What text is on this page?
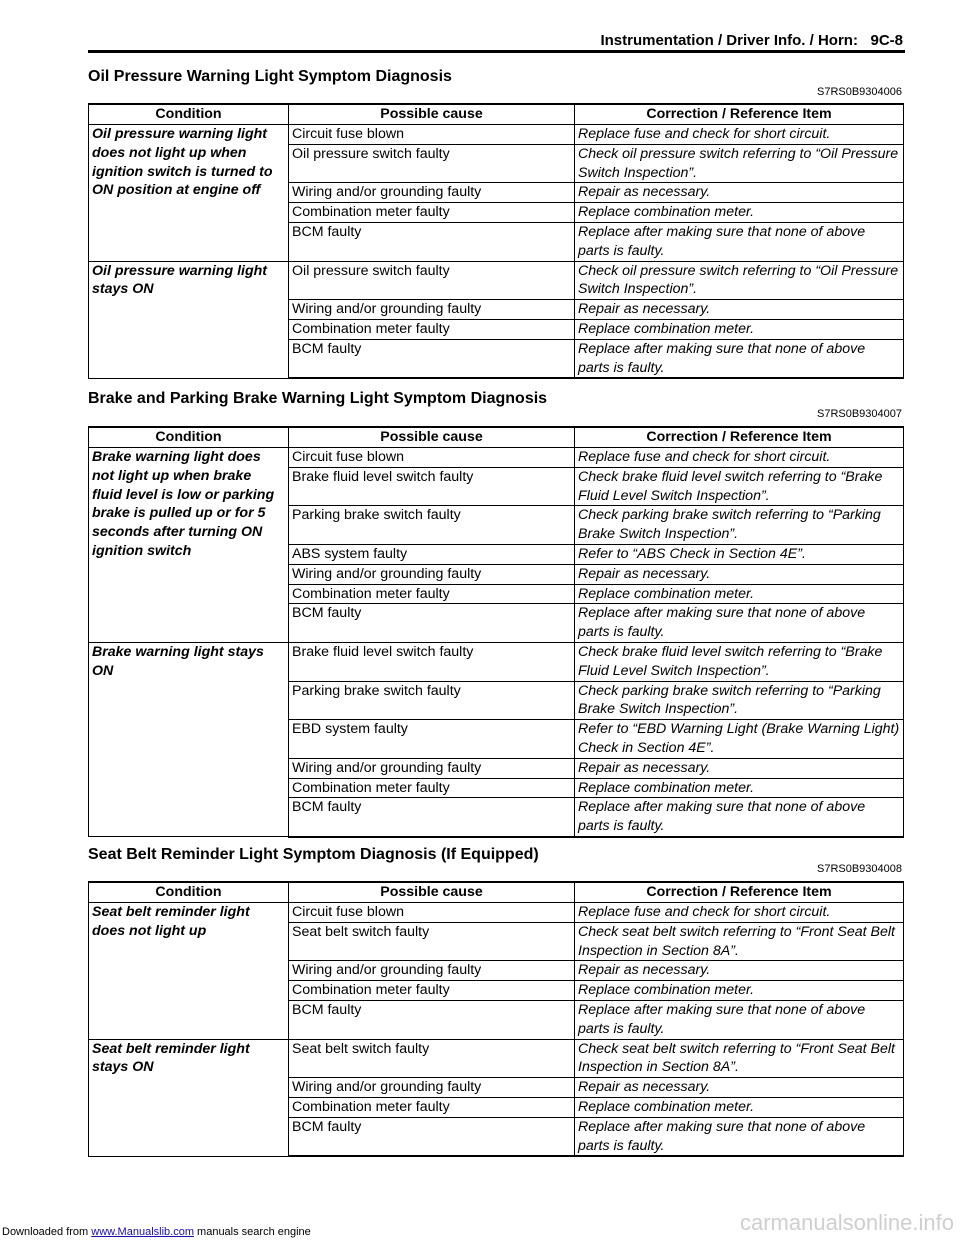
Instrumentation / Driver Info. / Horn: 9C-8
Oil Pressure Warning Light Symptom Diagnosis
S7RS0B9304006
Condition	Possible cause	Correction / Reference Item
Oil pressure warning light does not light up when ignition switch is turned to ON position at engine off	Circuit fuse blown	Replace fuse and check for short circuit.
	Oil pressure switch faulty	Check oil pressure switch referring to “Oil Pressure Switch Inspection”.
	Wiring and/or grounding faulty	Repair as necessary.
	Combination meter faulty	Replace combination meter.
	BCM faulty	Replace after making sure that none of above parts is faulty.
Oil pressure warning light stays ON	Oil pressure switch faulty	Check oil pressure switch referring to “Oil Pressure Switch Inspection”.
	Wiring and/or grounding faulty	Repair as necessary.
	Combination meter faulty	Replace combination meter.
	BCM faulty	Replace after making sure that none of above parts is faulty.
Brake and Parking Brake Warning Light Symptom Diagnosis
S7RS0B9304007
Condition	Possible cause	Correction / Reference Item
Brake warning light does not light up when brake fluid level is low or parking brake is pulled up or for 5 seconds after turning ON ignition switch	Circuit fuse blown	Replace fuse and check for short circuit.
	Brake fluid level switch faulty	Check brake fluid level switch referring to “Brake Fluid Level Switch Inspection”.
	Parking brake switch faulty	Check parking brake switch referring to “Parking Brake Switch Inspection”.
	ABS system faulty	Refer to “ABS Check in Section 4E”.
	Wiring and/or grounding faulty	Repair as necessary.
	Combination meter faulty	Replace combination meter.
	BCM faulty	Replace after making sure that none of above parts is faulty.
Brake warning light stays ON	Brake fluid level switch faulty	Check brake fluid level switch referring to “Brake Fluid Level Switch Inspection”.
	Parking brake switch faulty	Check parking brake switch referring to “Parking Brake Switch Inspection”.
	EBD system faulty	Refer to “EBD Warning Light (Brake Warning Light) Check in Section 4E”.
	Wiring and/or grounding faulty	Repair as necessary.
	Combination meter faulty	Replace combination meter.
	BCM faulty	Replace after making sure that none of above parts is faulty.
Seat Belt Reminder Light Symptom Diagnosis (If Equipped)
S7RS0B9304008
Condition	Possible cause	Correction / Reference Item
Seat belt reminder light does not light up	Circuit fuse blown	Replace fuse and check for short circuit.
	Seat belt switch faulty	Check seat belt switch referring to “Front Seat Belt Inspection in Section 8A”.
	Wiring and/or grounding faulty	Repair as necessary.
	Combination meter faulty	Replace combination meter.
	BCM faulty	Replace after making sure that none of above parts is faulty.
Seat belt reminder light stays ON	Seat belt switch faulty	Check seat belt switch referring to “Front Seat Belt Inspection in Section 8A”.
	Wiring and/or grounding faulty	Repair as necessary.
	Combination meter faulty	Replace combination meter.
	BCM faulty	Replace after making sure that none of above parts is faulty.
Downloaded from www.Manualslib.com manuals search engine	carmanualsonline.info
